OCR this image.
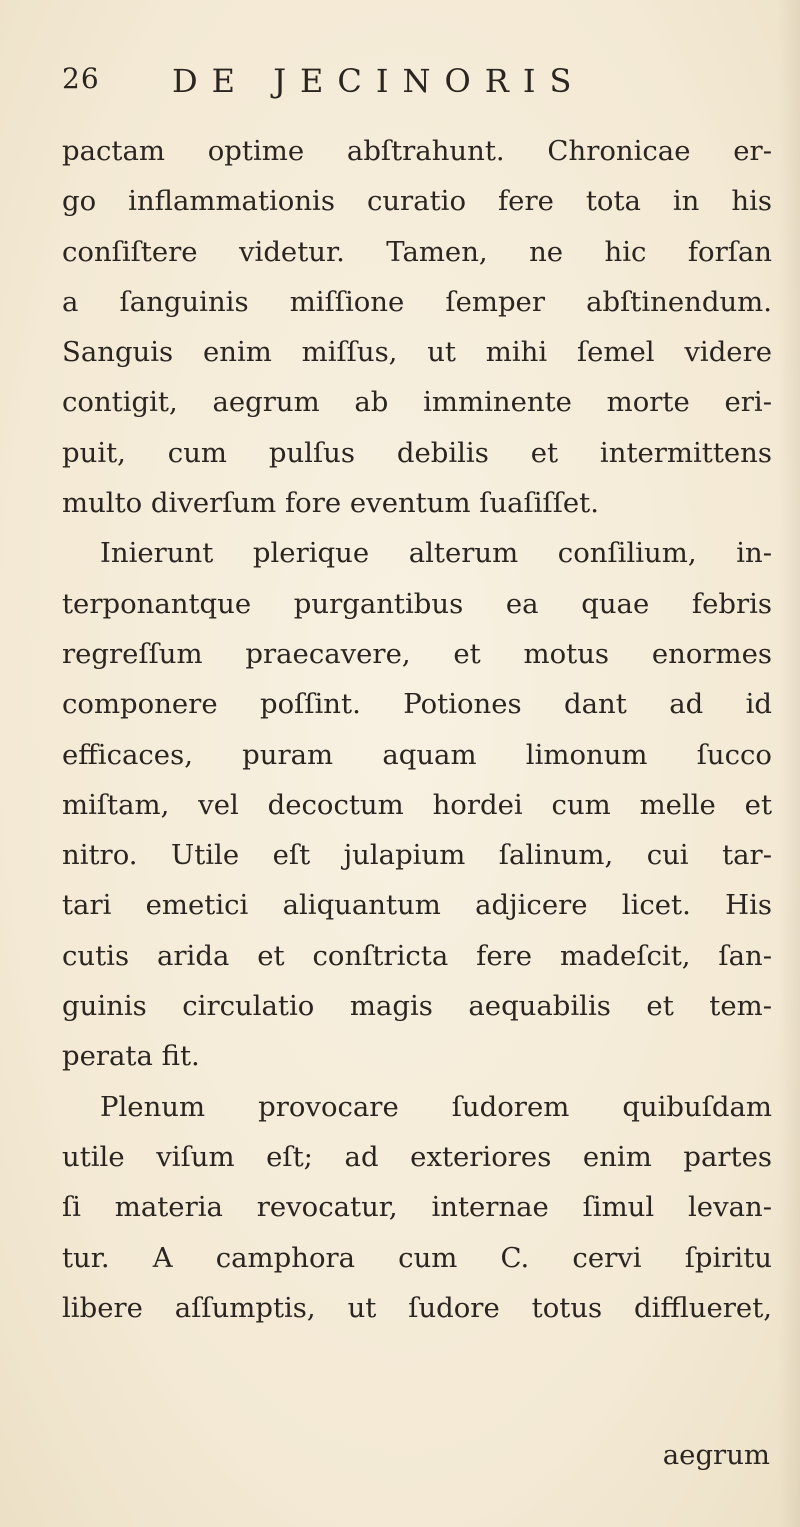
26 DE JECINORIS
pactam optime abſtrahunt. Chronicae er-
go inflammationis curatio fere tota in his
conſiſtere videtur. Tamen, ne hic forſan
a ſanguinis miſſione ſemper abſtinendum.
Sanguis enim miſſus, ut mihi ſemel videre
contigit, aegrum ab imminente morte eri-
puit, cum pulſus debilis et intermittens
multo diverſum fore eventum ſuaſiſſet.
Inierunt plerique alterum conſilium, in-
terponantque purgantibus ea quae febris
regreſſum praecavere, et motus enormes
componere poſſint. Potiones dant ad id
efficaces, puram aquam limonum ſucco
miſtam, vel decoctum hordei cum melle et
nitro. Utile eſt julapium ſalinum, cui tar-
tari emetici aliquantum adjicere licet. His
cutis arida et conſtricta fere madeſcit, ſan-
guinis circulatio magis aequabilis et tem-
perata fit.
Plenum provocare ſudorem quibuſdam
utile viſum eſt; ad exteriores enim partes
ſi materia revocatur, internae ſimul levan-
tur. A camphora cum C. cervi ſpiritu
libere aſſumptis, ut ſudore totus difflueret,
aegrum
